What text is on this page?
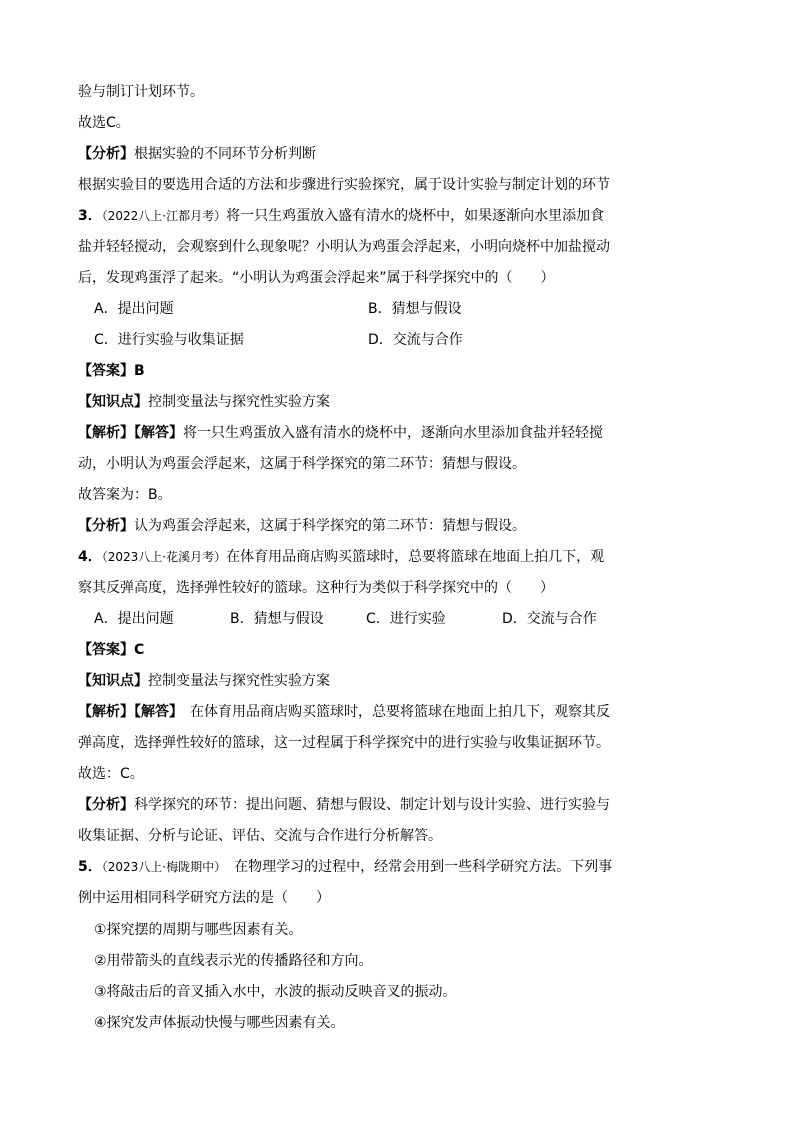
验与制订计划环节。
故选C。
【分析】根据实验的不同环节分析判断
根据实验目的要选用合适的方法和步骤进行实验探究，属于设计实验与制定计划的环节
3．（2022八上·江都月考）将一只生鸡蛋放入盛有清水的烧杯中，如果逐渐向水里添加食
盐并轻轻搅动，会观察到什么现象呢？小明认为鸡蛋会浮起来，小明向烧杯中加盐搅动
后，发现鸡蛋浮了起来。“小明认为鸡蛋会浮起来”属于科学探究中的（　　）
A．提出问题	B．猜想与假设
C．进行实验与收集证据	D．交流与合作
【答案】B
【知识点】控制变量法与探究性实验方案
【解析】【解答】将一只生鸡蛋放入盛有清水的烧杯中，逐渐向水里添加食盐并轻轻搅
动，小明认为鸡蛋会浮起来，这属于科学探究的第二环节：猜想与假设。
故答案为：B。
【分析】认为鸡蛋会浮起来，这属于科学探究的第二环节：猜想与假设。
4．（2023八上·花溪月考）在体育用品商店购买篮球时，总要将篮球在地面上拍几下，观
察其反弹高度，选择弹性较好的篮球。这种行为类似于科学探究中的（　　）
A．提出问题	B．猜想与假设	C．进行实验	D．交流与合作
【答案】C
【知识点】控制变量法与探究性实验方案
【解析】【解答】　在体育用品商店购买篮球时，总要将篮球在地面上拍几下，观察其反
弹高度，选择弹性较好的篮球，这一过程属于科学探究中的进行实验与收集证据环节。
故选：C。
【分析】科学探究的环节：提出问题、猜想与假设、制定计划与设计实验、进行实验与
收集证据、分析与论证、评估、交流与合作进行分析解答。
5．（2023八上·梅陇期中）　在物理学习的过程中，经常会用到一些科学研究方法。下列事
例中运用相同科学研究方法的是（　　）
①探究摆的周期与哪些因素有关。
②用带箭头的直线表示光的传播路径和方向。
③将敲击后的音叉插入水中，水波的振动反映音叉的振动。
④探究发声体振动快慢与哪些因素有关。
